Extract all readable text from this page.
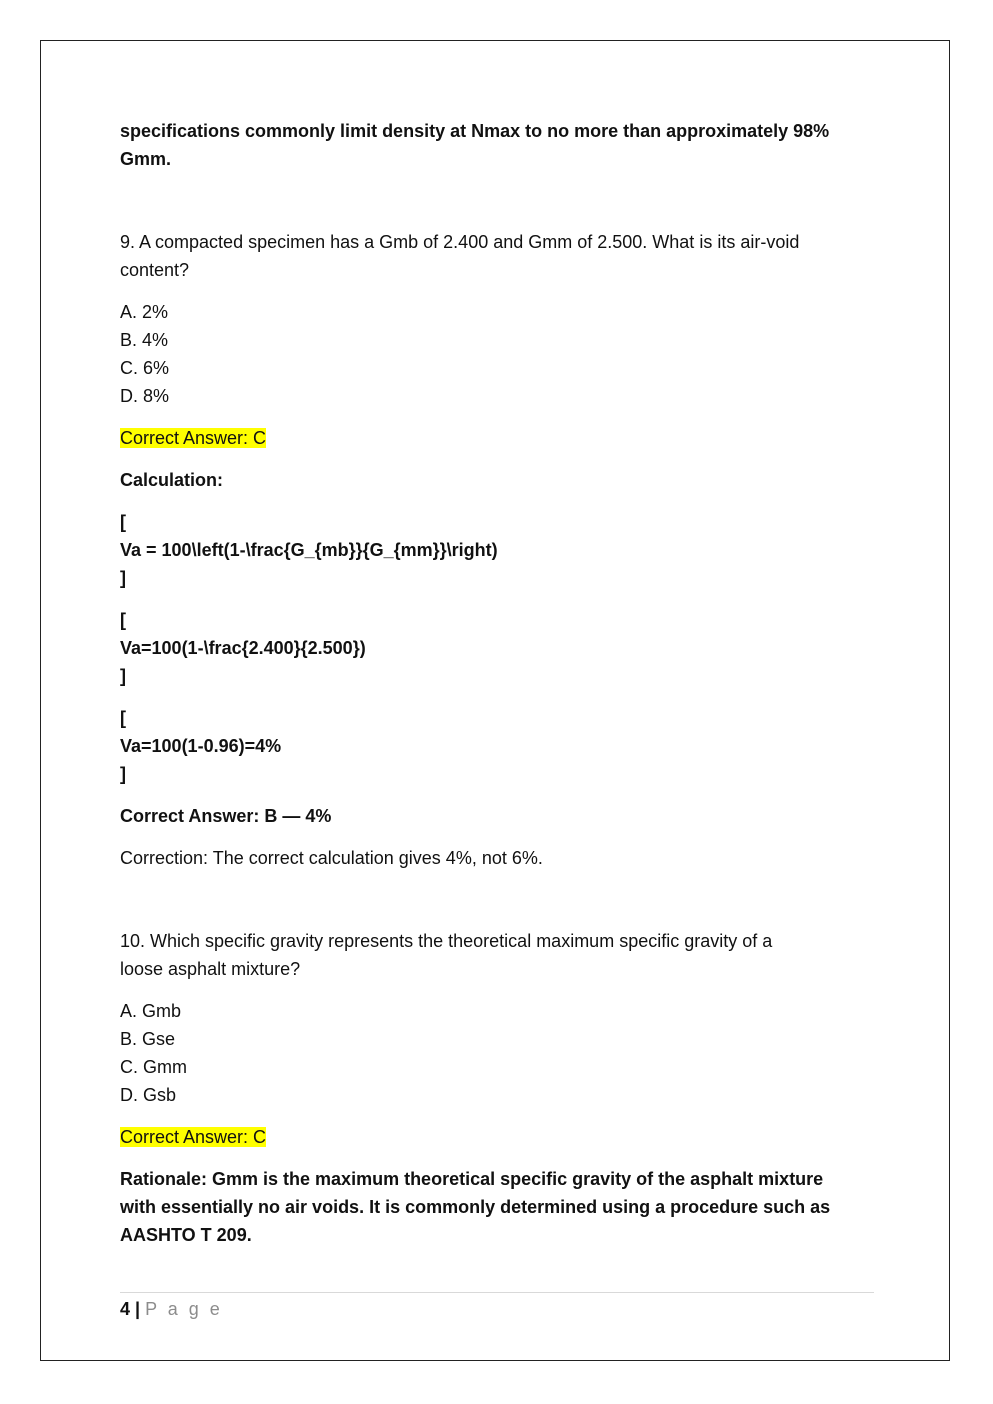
specifications commonly limit density at Nmax to no more than approximately 98%
Gmm.

9. A compacted specimen has a Gmb of 2.400 and Gmm of 2.500. What is its air-void
content?

A. 2%
B. 4%
C. 6%
D. 8%

Correct Answer: C

Calculation:

[
Va = 100\left(1-\frac{G_{mb}}{G_{mm}}\right)
]

[
Va=100(1-\frac{2.400}{2.500})
]

[
Va=100(1-0.96)=4%
]

Correct Answer: B — 4%

Correction: The correct calculation gives 4%, not 6%.

10. Which specific gravity represents the theoretical maximum specific gravity of a
loose asphalt mixture?

A. Gmb
B. Gse
C. Gmm
D. Gsb

Correct Answer: C

Rationale: Gmm is the maximum theoretical specific gravity of the asphalt mixture
with essentially no air voids. It is commonly determined using a procedure such as
AASHTO T 209.

4 | P a g e
